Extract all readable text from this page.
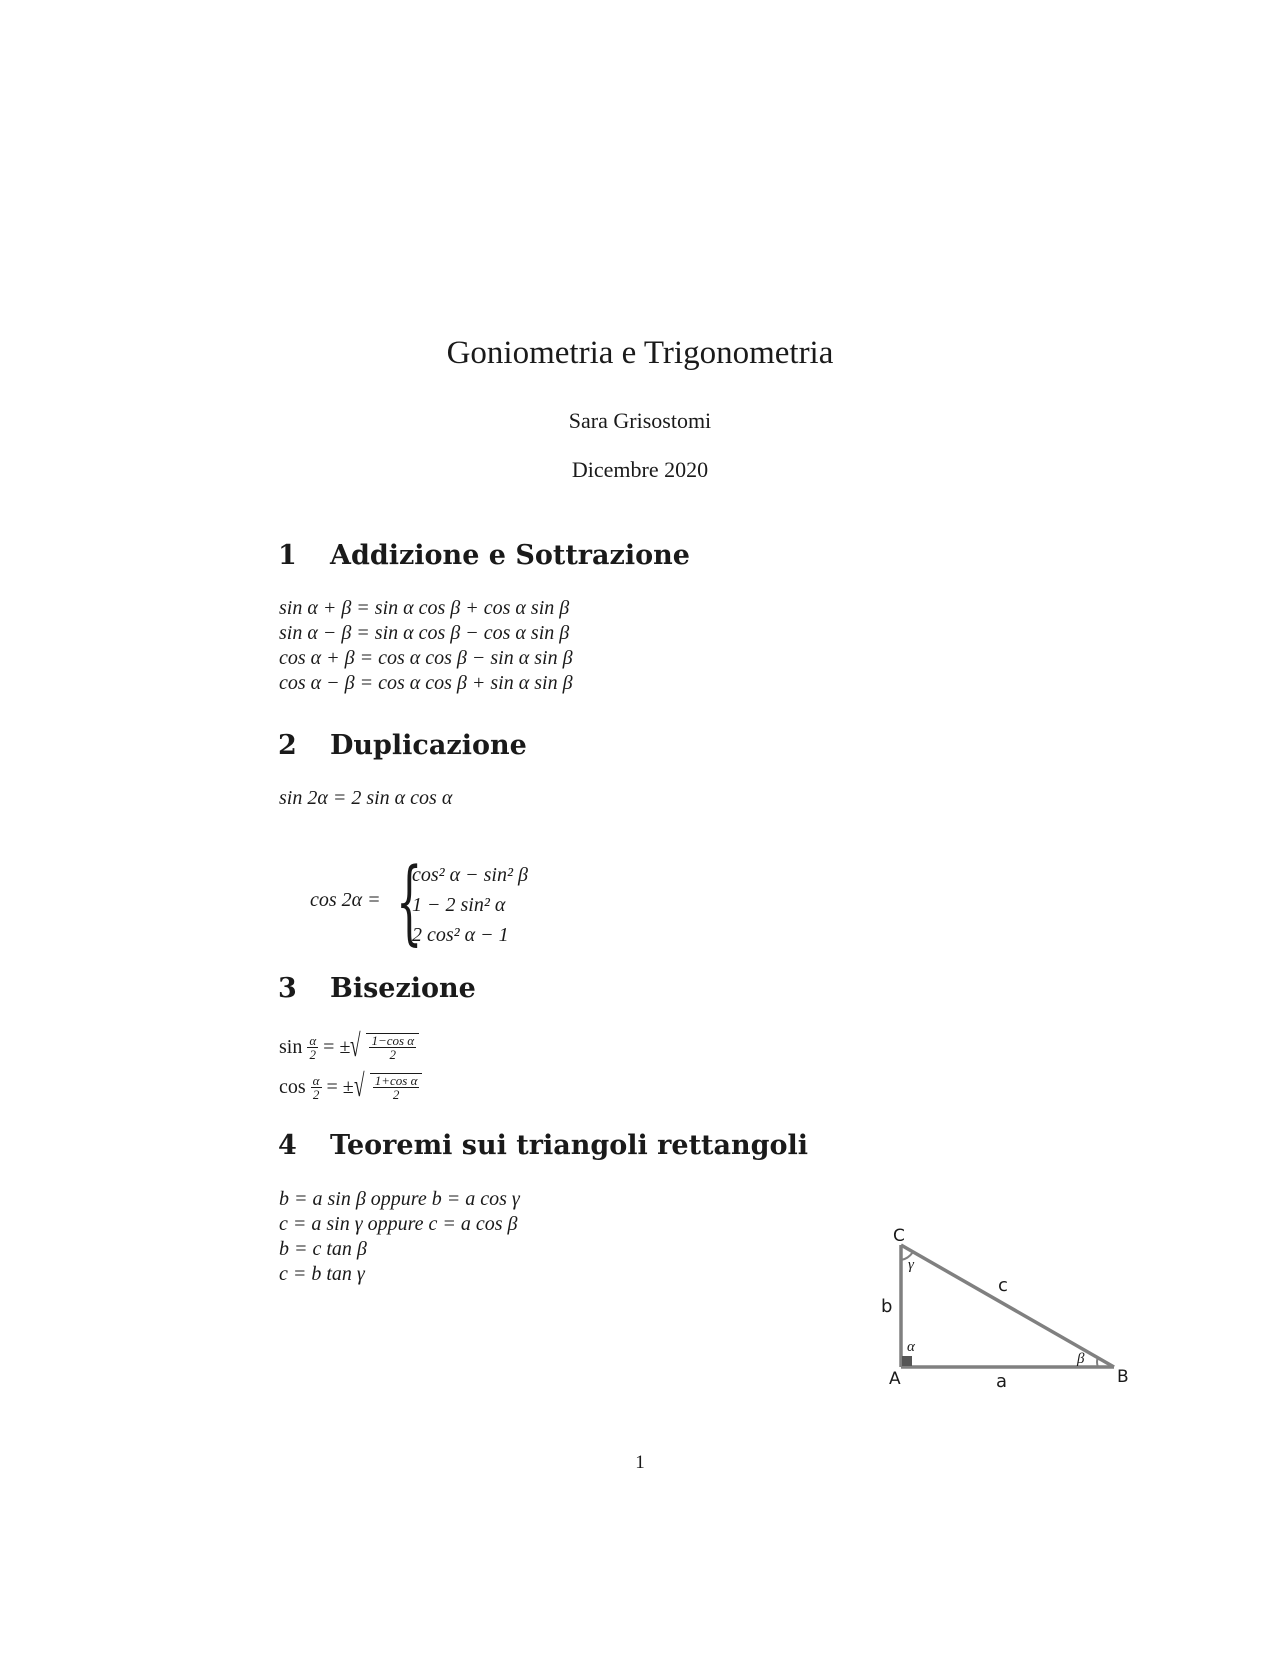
Goniometria e Trigonometria
Sara Grisostomi
Dicembre 2020
1 Addizione e Sottrazione
sin α + β = sin α cos β + cos α sin β
sin α − β = sin α cos β − cos α sin β
cos α + β = cos α cos β − sin α sin β
cos α − β = cos α cos β + sin α sin β
2 Duplicazione
sin 2α = 2 sin α cos α
cos 2α = {
cos² α − sin² β
1 − 2 sin² α
2 cos² α − 1
3 Bisezione
sin
$\frac{\alpha}{2}$
= ± √ $\frac{\text{1−cos α}}{2}$
cos
$\frac{\alpha}{2}$
= ± √ $\frac{\text{1+cos α}}{2}$
4 Teoremi sui triangoli rettangoli
b = a sin β oppure b = a cos γ
c = a sin γ oppure c = a cos β
b = c tan β
c = b tan γ
C
A	B
b
a
c
α
β
γ
1
